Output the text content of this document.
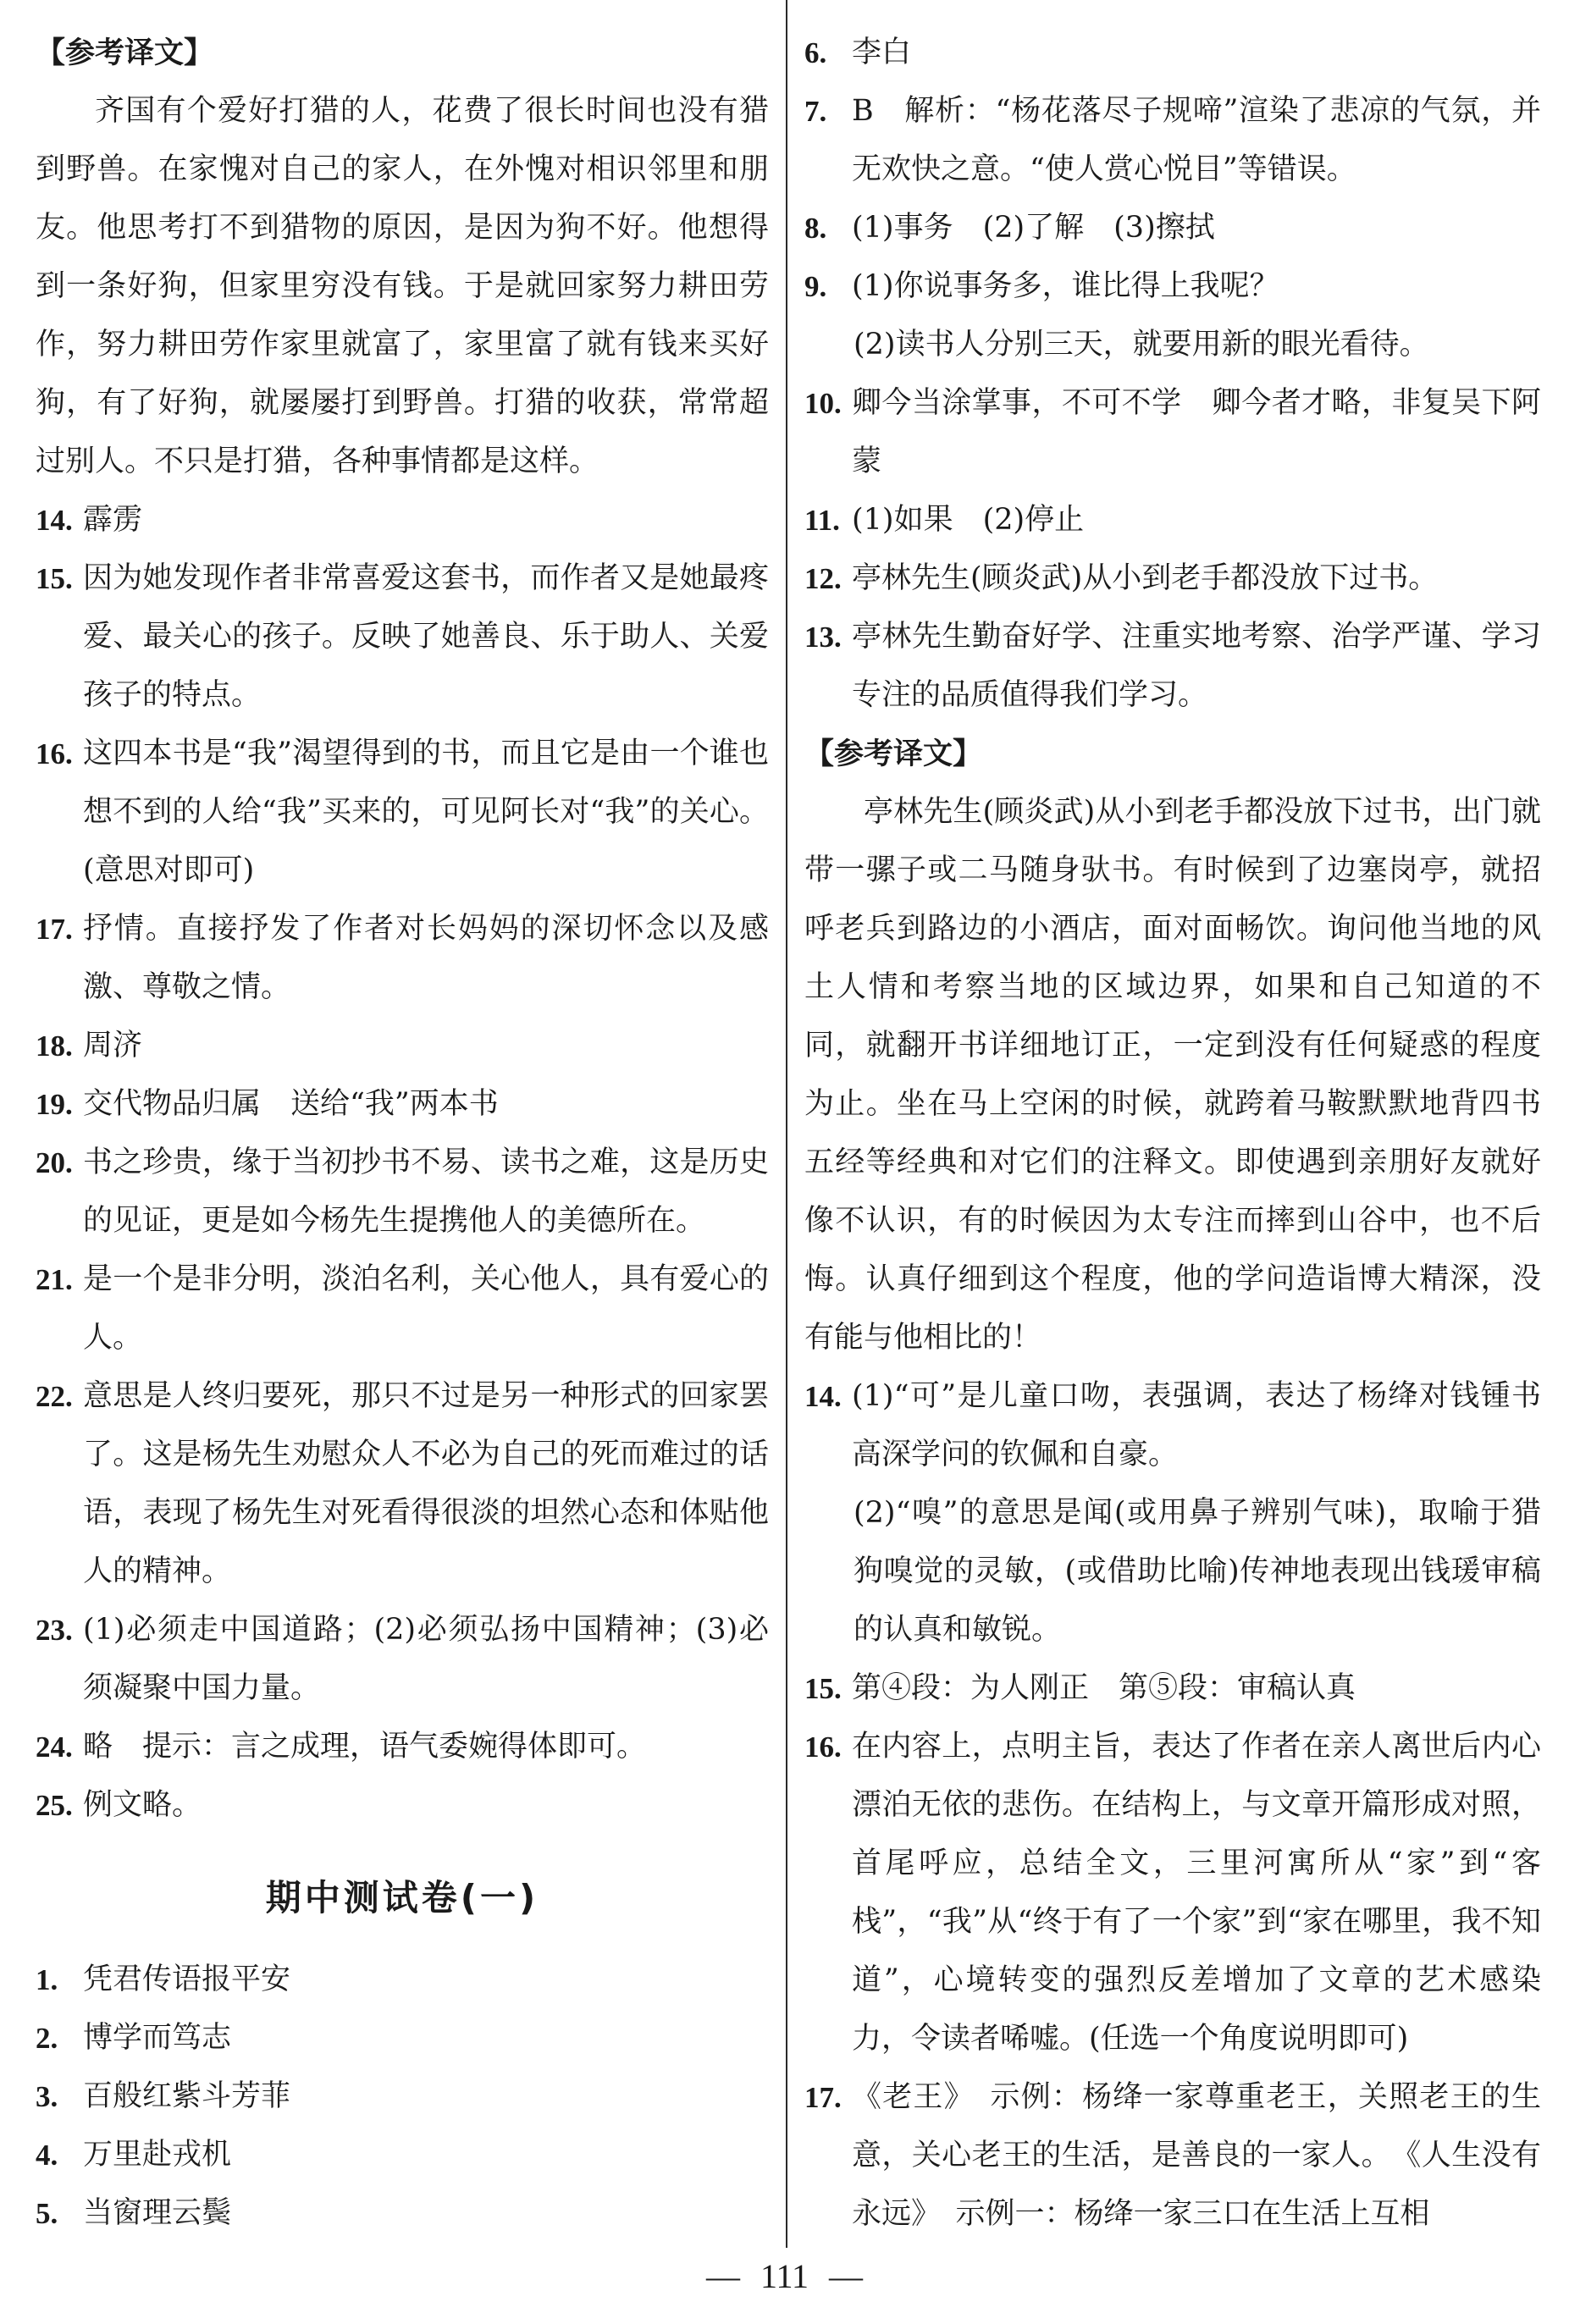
【参考译文】
齐国有个爱好打猎的人，花费了很长时间也没有猎到野兽。在家愧对自己的家人，在外愧对相识邻里和朋友。他思考打不到猎物的原因，是因为狗不好。他想得到一条好狗，但家里穷没有钱。于是就回家努力耕田劳作，努力耕田劳作家里就富了，家里富了就有钱来买好狗，有了好狗，就屡屡打到野兽。打猎的收获，常常超过别人。不只是打猎，各种事情都是这样。
14. 霹雳
15. 因为她发现作者非常喜爱这套书，而作者又是她最疼爱、最关心的孩子。反映了她善良、乐于助人、关爱孩子的特点。
16. 这四本书是“我”渴望得到的书，而且它是由一个谁也想不到的人给“我”买来的，可见阿长对“我”的关心。(意思对即可)
17. 抒情。直接抒发了作者对长妈妈的深切怀念以及感激、尊敬之情。
18. 周济
19. 交代物品归属　送给“我”两本书
20. 书之珍贵，缘于当初抄书不易、读书之难，这是历史的见证，更是如今杨先生提携他人的美德所在。
21. 是一个是非分明，淡泊名利，关心他人，具有爱心的人。
22. 意思是人终归要死，那只不过是另一种形式的回家罢了。这是杨先生劝慰众人不必为自己的死而难过的话语，表现了杨先生对死看得很淡的坦然心态和体贴他人的精神。
23. (1)必须走中国道路；(2)必须弘扬中国精神；(3)必须凝聚中国力量。
24. 略　提示：言之成理，语气委婉得体即可。
25. 例文略。
期中测试卷(一)
1. 凭君传语报平安
2. 博学而笃志
3. 百般红紫斗芳菲
4. 万里赴戎机
5. 当窗理云鬓
6. 李白
7. B　解析：“杨花落尽子规啼”渲染了悲凉的气氛，并无欢快之意。“使人赏心悦目”等错误。
8. (1)事务　(2)了解　(3)擦拭
9. (1)你说事务多，谁比得上我呢？
(2)读书人分别三天，就要用新的眼光看待。
10. 卿今当涂掌事，不可不学　卿今者才略，非复吴下阿蒙
11. (1)如果　(2)停止
12. 亭林先生(顾炎武)从小到老手都没放下过书。
13. 亭林先生勤奋好学、注重实地考察、治学严谨、学习专注的品质值得我们学习。
【参考译文】
亭林先生(顾炎武)从小到老手都没放下过书，出门就带一骡子或二马随身驮书。有时候到了边塞岗亭，就招呼老兵到路边的小酒店，面对面畅饮。询问他当地的风土人情和考察当地的区域边界，如果和自己知道的不同，就翻开书详细地订正，一定到没有任何疑惑的程度为止。坐在马上空闲的时候，就跨着马鞍默默地背四书五经等经典和对它们的注释文。即使遇到亲朋好友就好像不认识，有的时候因为太专注而摔到山谷中，也不后悔。认真仔细到这个程度，他的学问造诣博大精深，没有能与他相比的！
14. (1)“可”是儿童口吻，表强调，表达了杨绛对钱锺书高深学问的钦佩和自豪。
(2)“嗅”的意思是闻(或用鼻子辨别气味)，取喻于猎狗嗅觉的灵敏，(或借助比喻)传神地表现出钱瑗审稿的认真和敏锐。
15. 第④段：为人刚正　第⑤段：审稿认真
16. 在内容上，点明主旨，表达了作者在亲人离世后内心漂泊无依的悲伤。在结构上，与文章开篇形成对照，首尾呼应，总结全文，三里河寓所从“家”到“客栈”，“我”从“终于有了一个家”到“家在哪里，我不知道”，心境转变的强烈反差增加了文章的艺术感染力，令读者唏嘘。(任选一个角度说明即可)
17. 《老王》　示例：杨绛一家尊重老王，关照老王的生意，关心老王的生活，是善良的一家人。　《人生没有永远》　示例一：杨绛一家三口在生活上互相
— 111 —
